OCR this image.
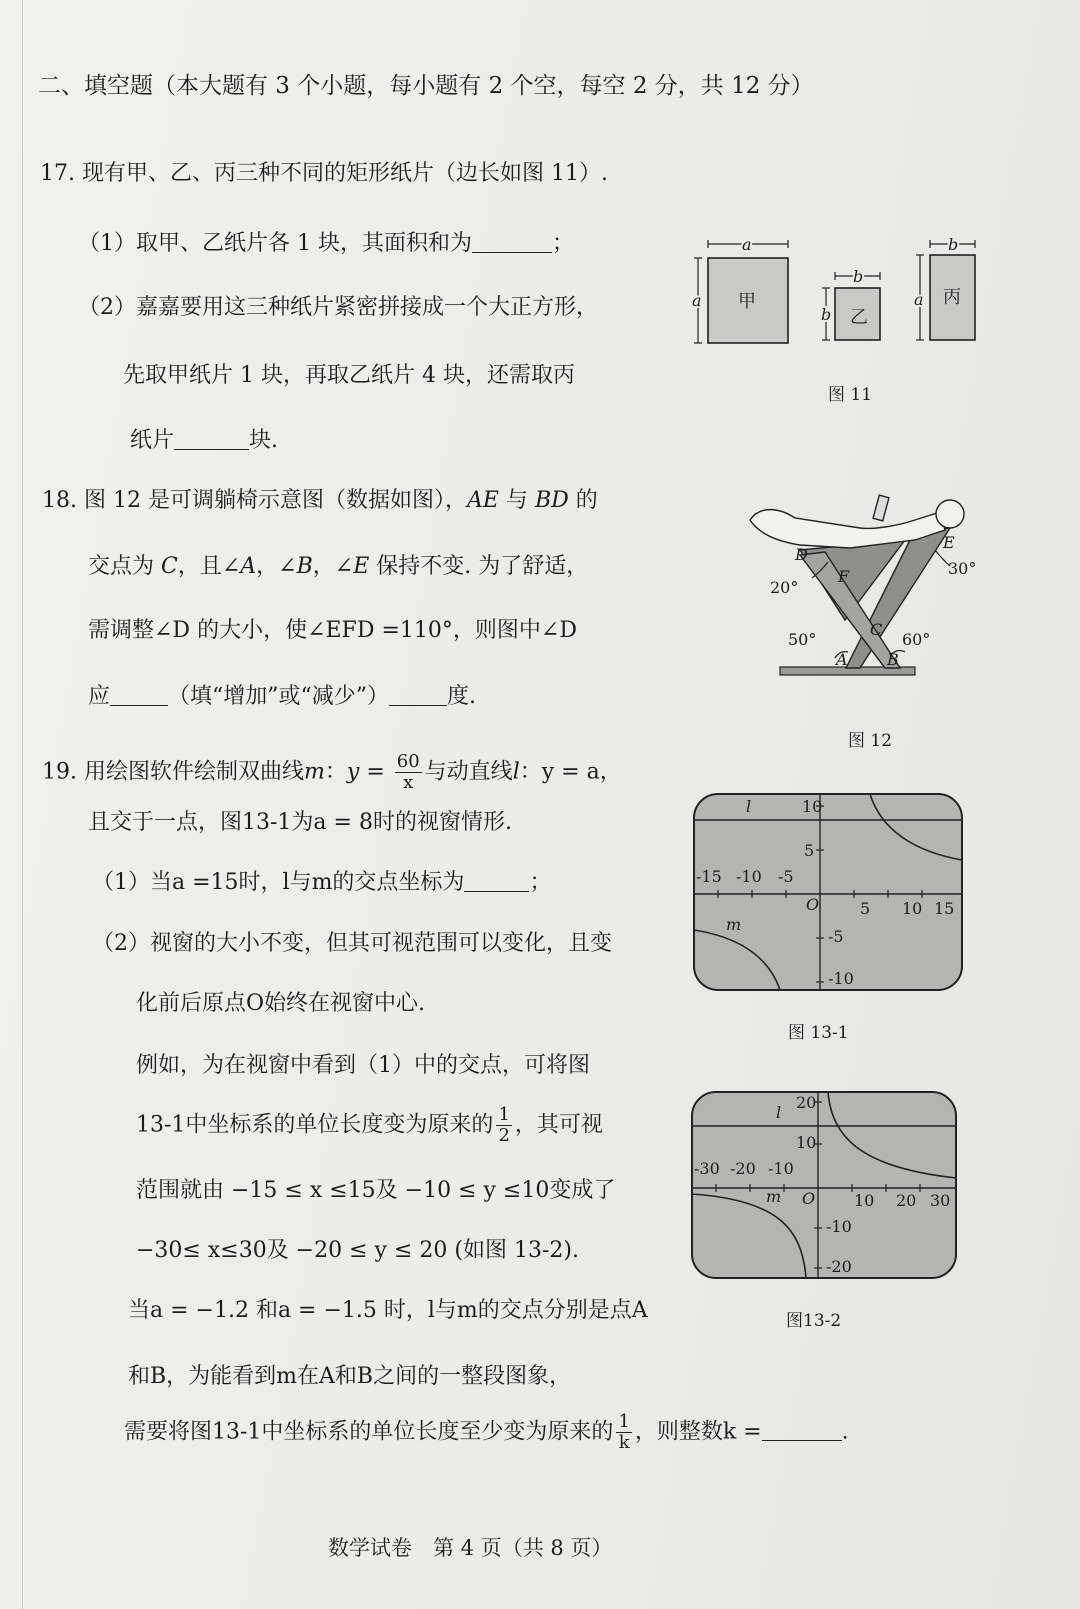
二、填空题（本大题有 3 个小题，每小题有 2 个空，每空 2 分，共 12 分）
17. 现有甲、乙、丙三种不同的矩形纸片（边长如图 11）.
（1）取甲、乙纸片各 1 块，其面积和为	；
（2）嘉嘉要用这三种纸片紧密拼接成一个大正方形，
先取甲纸片 1 块，再取乙纸片 4 块，还需取丙
纸片	块.
a
a
b
b
b
a
甲
乙
丙
图 11
18. 图 12 是可调躺椅示意图（数据如图），AE 与 BD 的
交点为 C，且∠A，∠B，∠E 保持不变. 为了舒适，
需调整∠D 的大小，使∠EFD =110°，则图中∠D
应	（填“增加”或“减少”）	度.
D
E
F
C
A B
20°
30°
50°	60°
图 12
19. 用绘图软件绘制双曲线m：$y = \frac{60}{x}$ 与动直线l：y = a，
且交于一点，图13-1为a = 8时的视窗情形.
（1）当a =15时，l与m的交点坐标为	；
（2）视窗的大小不变，但其可视范围可以变化，且变
化前后原点O始终在视窗中心.
例如，为在视窗中看到（1）中的交点，可将图
13-1中坐标系的单位长度变为原来的 $\frac{1}{2}$ ，其可视
范围就由 −15 ≤ x ≤15及 −10 ≤ y ≤10变成了
−30≤ x≤30及 −20 ≤ y ≤ 20 (如图 13-2).
当a = −1.2 和a = −1.5 时，l与m的交点分别是点A
和B，为能看到m在A和B之间的一整段图象，
需要将图13-1中坐标系的单位长度至少变为原来的 $\frac{1}{k}$ ，则整数k =	.
-15 -10 -5
5 10 15
10
5
-5
-10
O
l
m
图 13-1
-30 -20 -10
10 20 30
20
10
-10
-20
O
l
m
图13-2
数学试卷　第 4 页（共 8 页）
